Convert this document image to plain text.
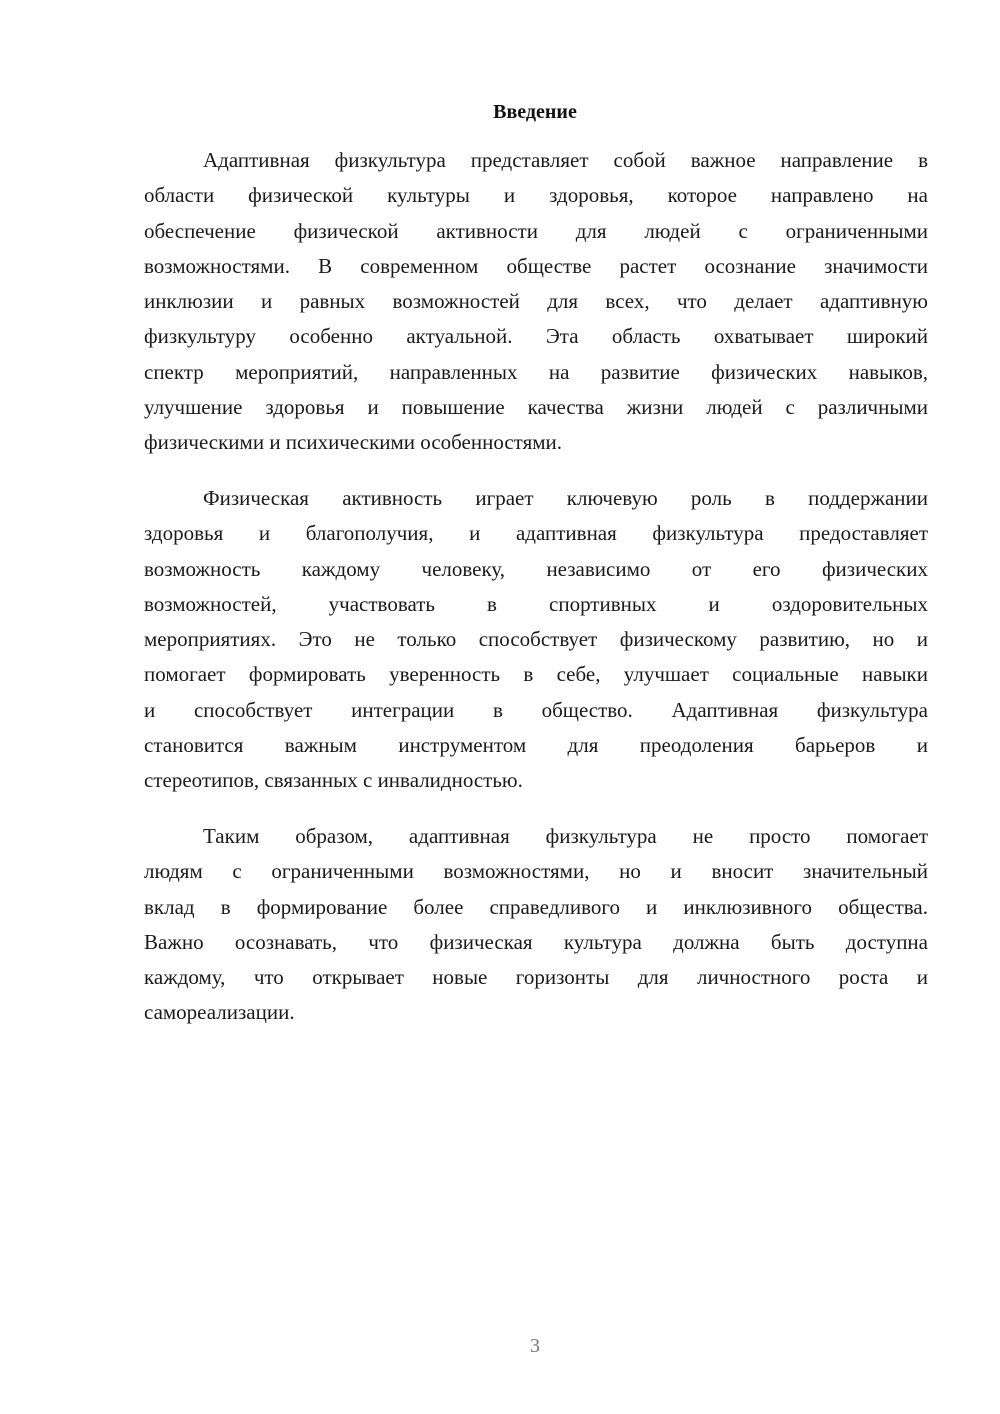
Введение
Адаптивная физкультура представляет собой важное направление в
области физической культуры и здоровья, которое направлено на
обеспечение физической активности для людей с ограниченными
возможностями. В современном обществе растет осознание значимости
инклюзии и равных возможностей для всех, что делает адаптивную
физкультуру особенно актуальной. Эта область охватывает широкий
спектр мероприятий, направленных на развитие физических навыков,
улучшение здоровья и повышение качества жизни людей с различными
физическими и психическими особенностями.
Физическая активность играет ключевую роль в поддержании
здоровья и благополучия, и адаптивная физкультура предоставляет
возможность каждому человеку, независимо от его физических
возможностей, участвовать в спортивных и оздоровительных
мероприятиях. Это не только способствует физическому развитию, но и
помогает формировать уверенность в себе, улучшает социальные навыки
и способствует интеграции в общество. Адаптивная физкультура
становится важным инструментом для преодоления барьеров и
стереотипов, связанных с инвалидностью.
Таким образом, адаптивная физкультура не просто помогает
людям с ограниченными возможностями, но и вносит значительный
вклад в формирование более справедливого и инклюзивного общества.
Важно осознавать, что физическая культура должна быть доступна
каждому, что открывает новые горизонты для личностного роста и
самореализации.
3
